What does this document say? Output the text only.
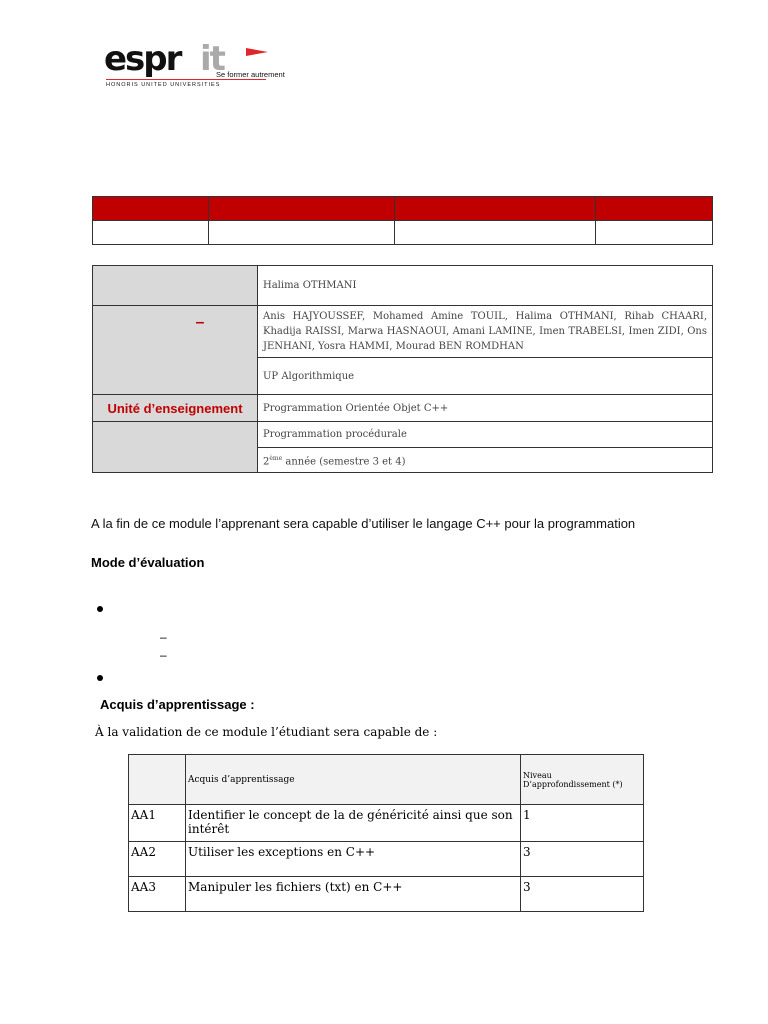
espr it
Se former autrement
HONORIS UNITED UNIVERSITIES

	Halima OTHMANI
–	Anis HAJYOUSSEF, Mohamed Amine TOUIL, Halima OTHMANI, Rihab CHAARI, Khadija RAISSI, Marwa HASNAOUI, Amani LAMINE, Imen TRABELSI, Imen ZIDI, Ons JENHANI, Yosra HAMMI, Mourad BEN ROMDHAN
	UP Algorithmique
Unité d’enseignement	Programmation Orientée Objet C++
	Programmation procédurale
	2ème année (semestre 3 et 4)
A la fin de ce module l’apprenant sera capable d’utiliser le langage C++ pour la programmation
Mode d’évaluation
–
–
Acquis d’apprentissage :
À la validation de ce module l’étudiant sera capable de :
	Acquis d’apprentissage	Niveau D’approfondissement (*)
AA1	Identifier le concept de la de généricité ainsi que son intérêt	1
AA2	Utiliser les exceptions en C++	3
AA3	Manipuler les fichiers (txt) en C++	3
